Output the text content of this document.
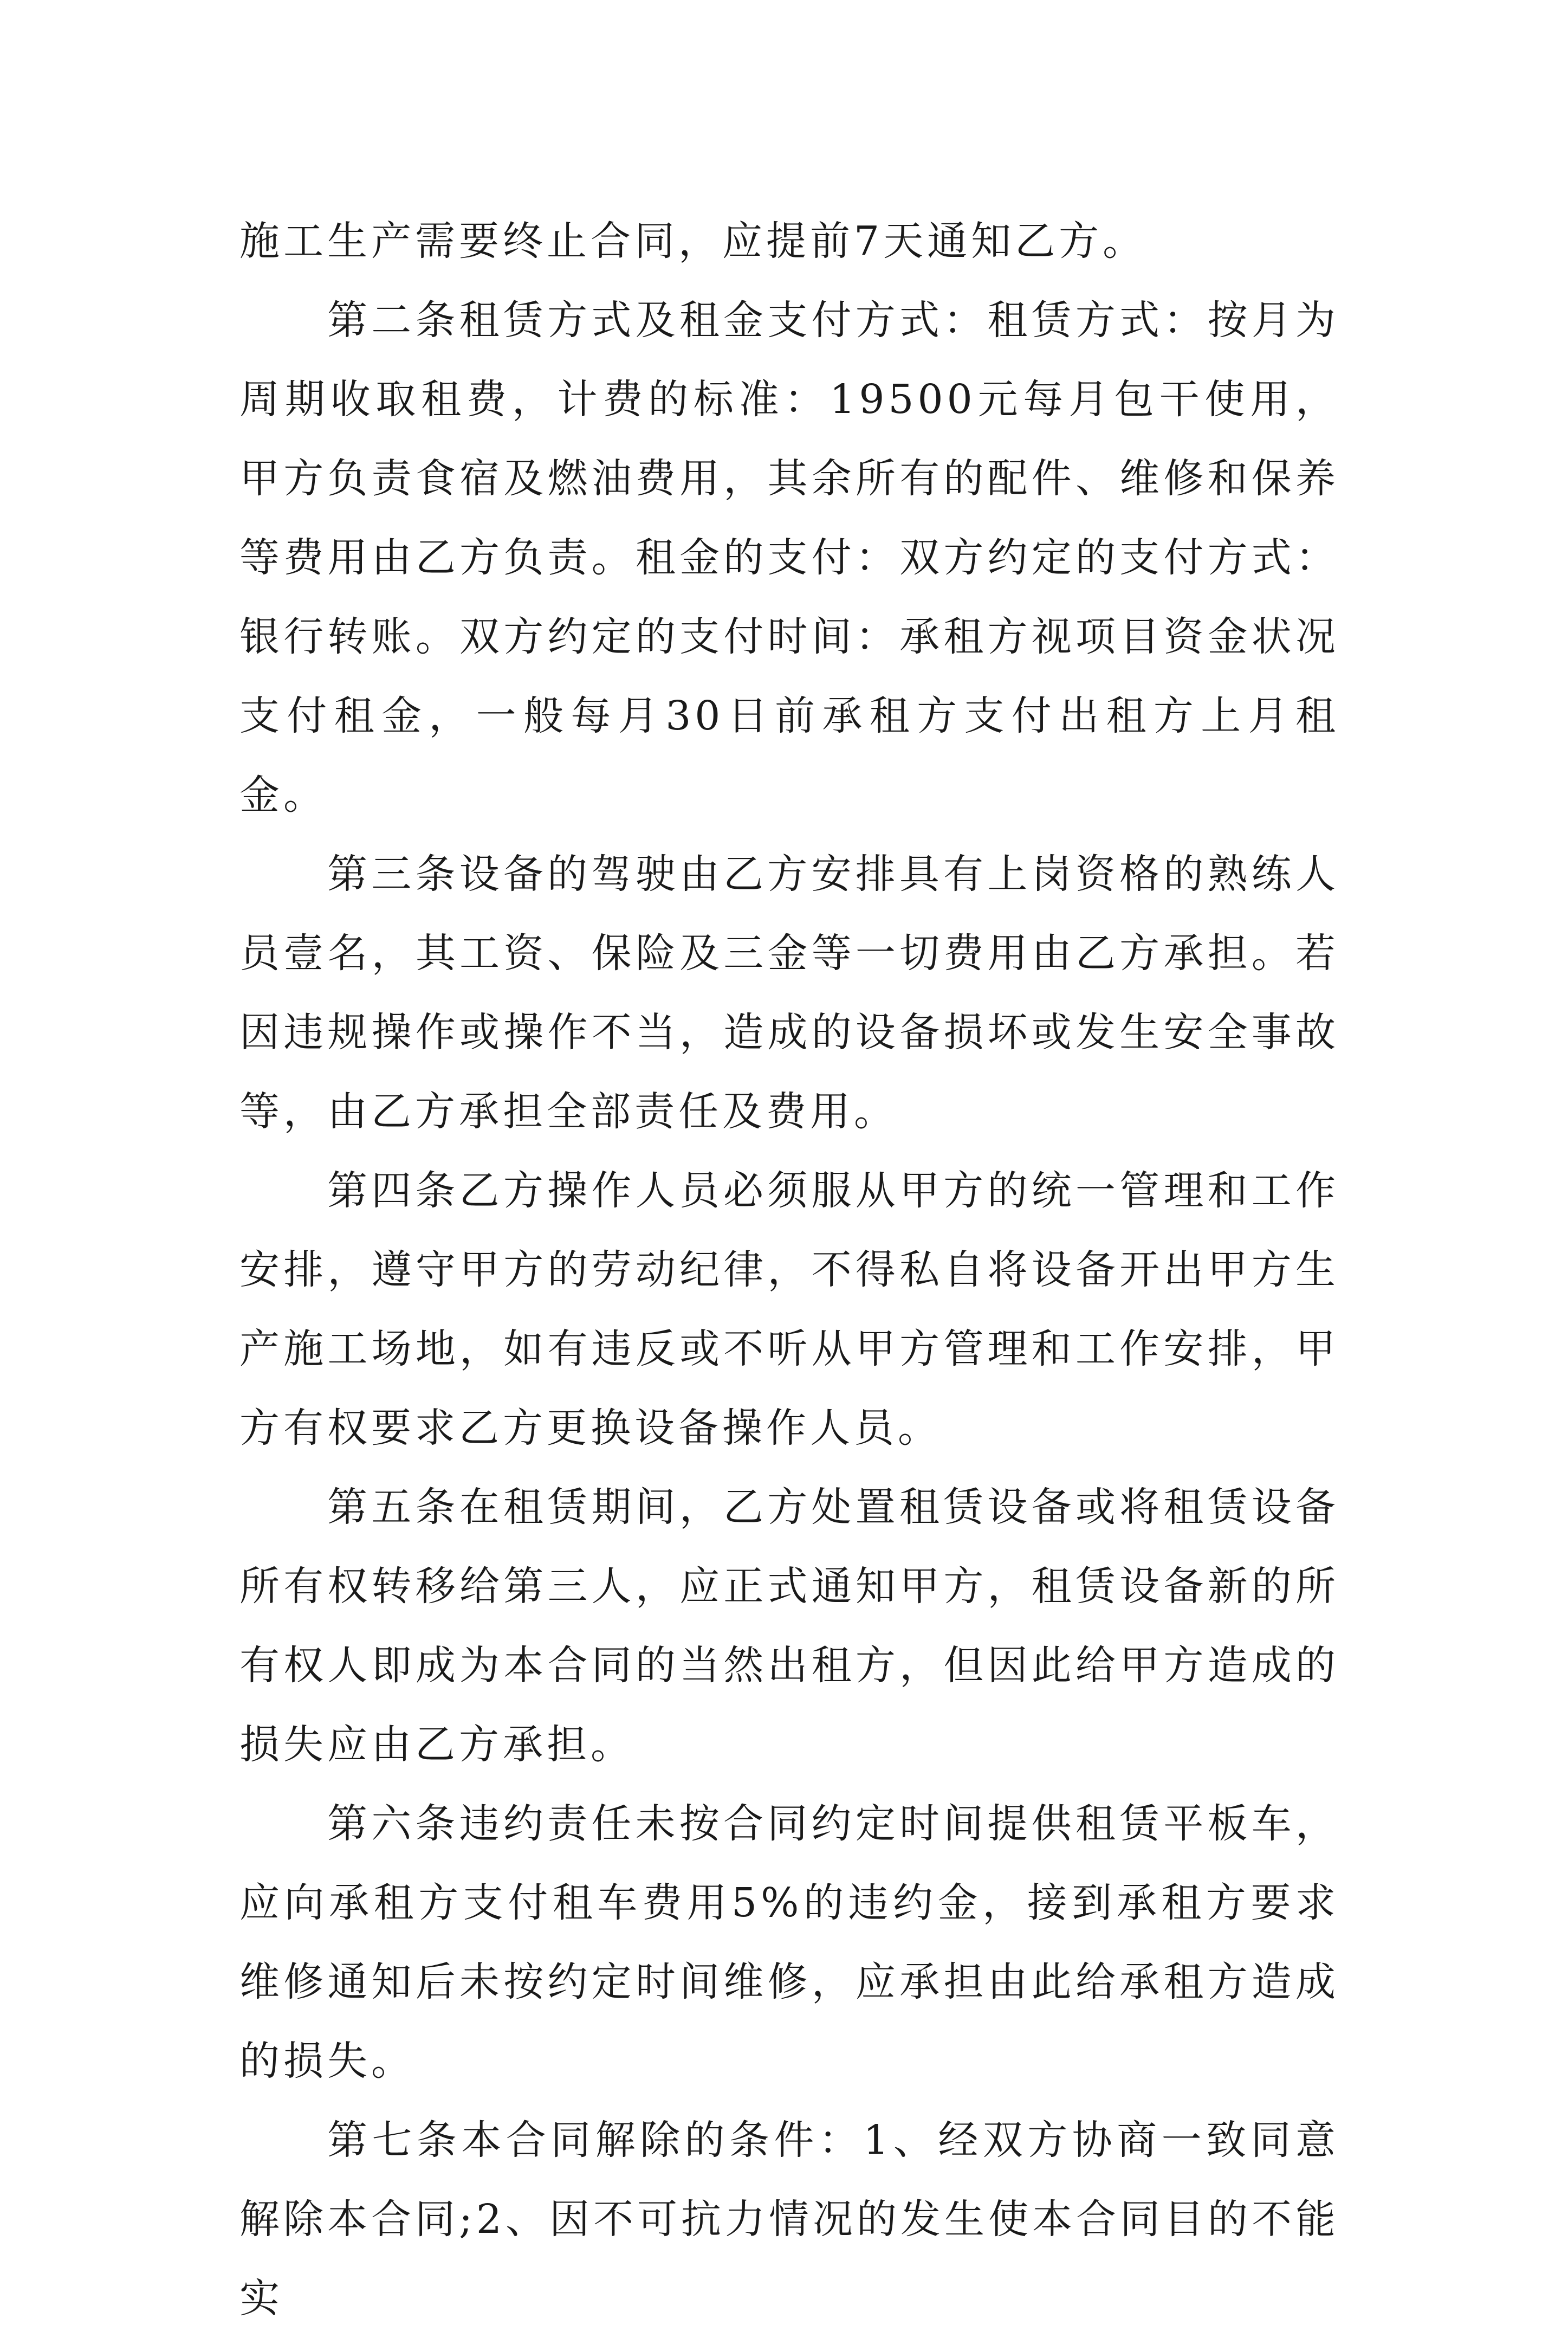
施工生产需要终止合同，应提前7天通知乙方。

第二条租赁方式及租金支付方式：租赁方式：按月为周期收取租费，计费的标准：19500元每月包干使用，甲方负责食宿及燃油费用，其余所有的配件、维修和保养等费用由乙方负责。租金的支付：双方约定的支付方式：银行转账。双方约定的支付时间：承租方视项目资金状况支付租金，一般每月30日前承租方支付出租方上月租金。

第三条设备的驾驶由乙方安排具有上岗资格的熟练人员壹名，其工资、保险及三金等一切费用由乙方承担。若因违规操作或操作不当，造成的设备损坏或发生安全事故等，由乙方承担全部责任及费用。

第四条乙方操作人员必须服从甲方的统一管理和工作安排，遵守甲方的劳动纪律，不得私自将设备开出甲方生产施工场地，如有违反或不听从甲方管理和工作安排，甲方有权要求乙方更换设备操作人员。

第五条在租赁期间，乙方处置租赁设备或将租赁设备所有权转移给第三人，应正式通知甲方，租赁设备新的所有权人即成为本合同的当然出租方，但因此给甲方造成的损失应由乙方承担。

第六条违约责任未按合同约定时间提供租赁平板车，应向承租方支付租车费用5%的违约金，接到承租方要求维修通知后未按约定时间维修，应承担由此给承租方造成的损失。

第七条本合同解除的条件：1、经双方协商一致同意解除本合同;2、因不可抗力情况的发生使本合同目的不能实
